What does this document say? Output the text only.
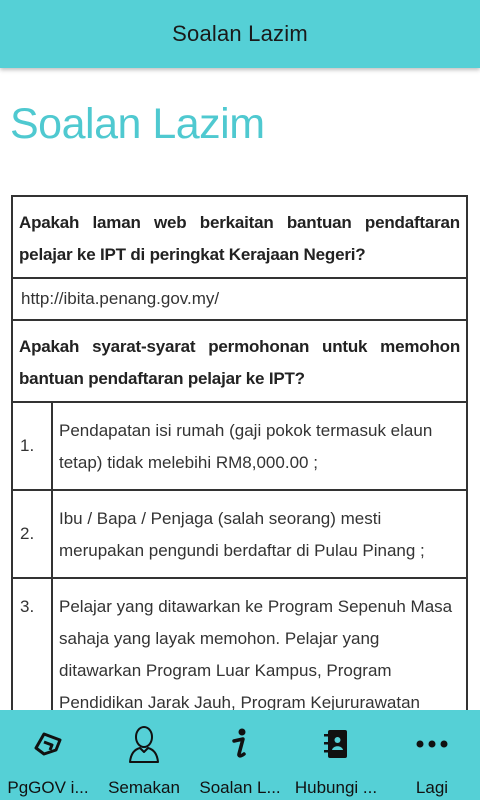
Soalan Lazim
Soalan Lazim
Apakah laman web berkaitan bantuan pendaftaran pelajar ke IPT di peringkat Kerajaan Negeri?	
http://ibita.penang.gov.my/	
Apakah syarat-syarat permohonan untuk memohon bantuan pendaftaran pelajar ke IPT?	
1.	Pendapatan isi rumah (gaji pokok termasuk elaun tetap) tidak melebihi RM8,000.00 ;
2.	Ibu / Bapa / Penjaga (salah seorang) mesti merupakan pengundi berdaftar di Pulau Pinang ;
3.	Pelajar yang ditawarkan ke Program Sepenuh Masa sahaja yang layak memohon. Pelajar yang ditawarkan Program Luar Kampus, Program Pendidikan Jarak Jauh, Program Kejururawatan
PgGOV i... Semakan Soalan L... Hubungi ... Lagi
